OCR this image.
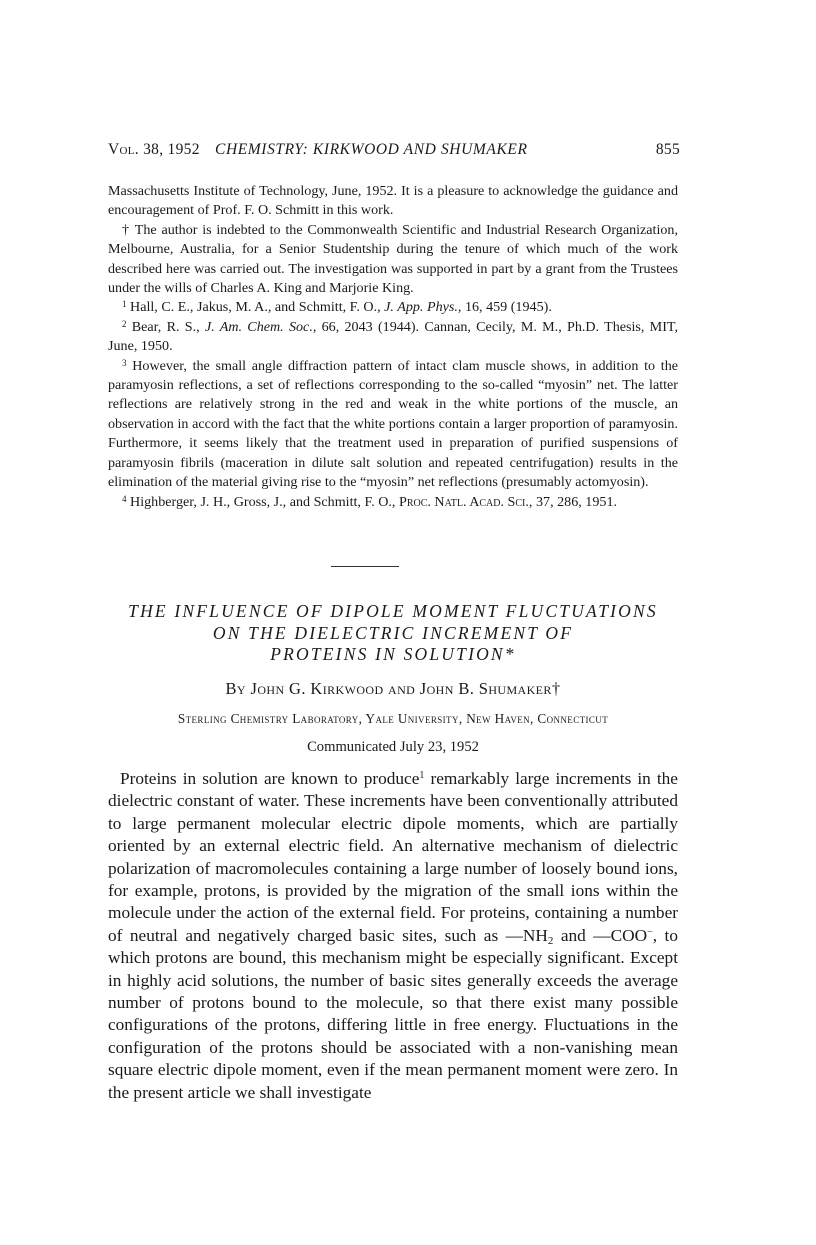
Vol. 38, 1952 CHEMISTRY: KIRKWOOD AND SHUMAKER	855

Massachusetts Institute of Technology, June, 1952. It is a pleasure to acknowledge the guidance and encouragement of Prof. F. O. Schmitt in this work.

† The author is indebted to the Commonwealth Scientific and Industrial Research Organization, Melbourne, Australia, for a Senior Studentship during the tenure of which much of the work described here was carried out. The investigation was supported in part by a grant from the Trustees under the wills of Charles A. King and Marjorie King.

$^1$ Hall, C. E., Jakus, M. A., and Schmitt, F. O., J. App. Phys., 16, 459 (1945).

$^2$ Bear, R. S., J. Am. Chem. Soc., 66, 2043 (1944). Cannan, Cecily, M. M., Ph.D. Thesis, MIT, June, 1950.

$^3$ However, the small angle diffraction pattern of intact clam muscle shows, in addition to the paramyosin reflections, a set of reflections corresponding to the so-called “myosin” net. The latter reflections are relatively strong in the red and weak in the white portions of the muscle, an observation in accord with the fact that the white portions contain a larger proportion of paramyosin. Furthermore, it seems likely that the treatment used in preparation of purified suspensions of paramyosin fibrils (maceration in dilute salt solution and repeated centrifugation) results in the elimination of the material giving rise to the “myosin” net reflections (presumably actomyosin).

$^4$ Highberger, J. H., Gross, J., and Schmitt, F. O., Proc. Natl. Acad. Sci., 37, 286, 1951.

THE INFLUENCE OF DIPOLE MOMENT FLUCTUATIONS
ON THE DIELECTRIC INCREMENT OF
PROTEINS IN SOLUTION*
By John G. Kirkwood and John B. Shumaker†
Sterling Chemistry Laboratory, Yale University, New Haven, Connecticut
Communicated July 23, 1952

Proteins in solution are known to produce$^1$ remarkably large increments in the dielectric constant of water. These increments have been conventionally attributed to large permanent molecular electric dipole moments, which are partially oriented by an external electric field. An alternative mechanism of dielectric polarization of macromolecules containing a large number of loosely bound ions, for example, protons, is provided by the migration of the small ions within the molecule under the action of the external field. For proteins, containing a number of neutral and negatively charged basic sites, such as $—NH_2$ and —COO−, to which protons are bound, this mechanism might be especially significant. Except in highly acid solutions, the number of basic sites generally exceeds the average number of protons bound to the molecule, so that there exist many possible configurations of the protons, differing little in free energy. Fluctuations in the configuration of the protons should be associated with a non-vanishing mean square electric dipole moment, even if the mean permanent moment were zero. In the present article we shall investigate
